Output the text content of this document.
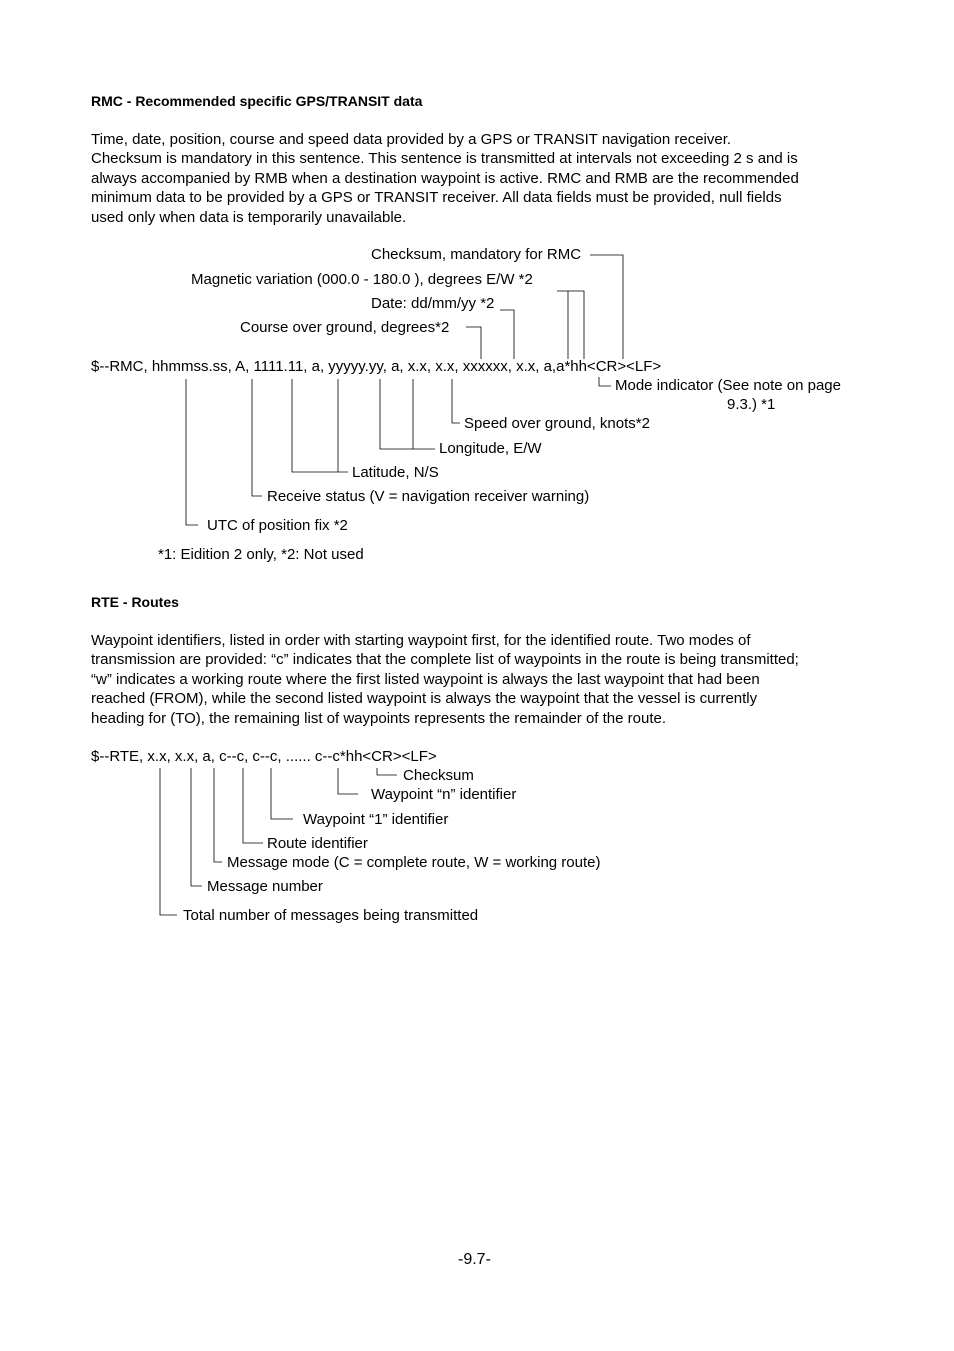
RMC - Recommended specific GPS/TRANSIT data
Time, date, position, course and speed data provided by a GPS or TRANSIT navigation receiver.
Checksum is mandatory in this sentence. This sentence is transmitted at intervals not exceeding 2 s and is
always accompanied by RMB when a destination waypoint is active. RMC and RMB are the recommended
minimum data to be provided by a GPS or TRANSIT receiver. All data fields must be provided, null fields
used only when data is temporarily unavailable.
Checksum, mandatory for RMC
Magnetic variation (000.0 - 180.0 ), degrees E/W *2
Date: dd/mm/yy *2
Course over ground, degrees*2
$--RMC, hhmmss.ss, A, 1111.11, a, yyyyy.yy, a, x.x, x.x, xxxxxx, x.x, a,a*hh<CR><LF>
Mode indicator (See note on page
9.3.) *1
Speed over ground, knots*2
Longitude, E/W
Latitude, N/S
Receive status (V = navigation receiver warning)
UTC of position fix *2
*1: Eidition 2 only, *2: Not used
RTE - Routes
Waypoint identifiers, listed in order with starting waypoint first, for the identified route. Two modes of
transmission are provided: “c” indicates that the complete list of waypoints in the route is being transmitted;
“w” indicates a working route where the first listed waypoint is always the last waypoint that had been
reached (FROM), while the second listed waypoint is always the waypoint that the vessel is currently
heading for (TO), the remaining list of waypoints represents the remainder of the route.
$--RTE, x.x, x.x, a, c--c, c--c, ...... c--c*hh<CR><LF>
Checksum
Waypoint “n” identifier
Waypoint “1” identifier
Route identifier
Message mode (C = complete route, W = working route)
Message number
Total number of messages being transmitted
-9.7-
